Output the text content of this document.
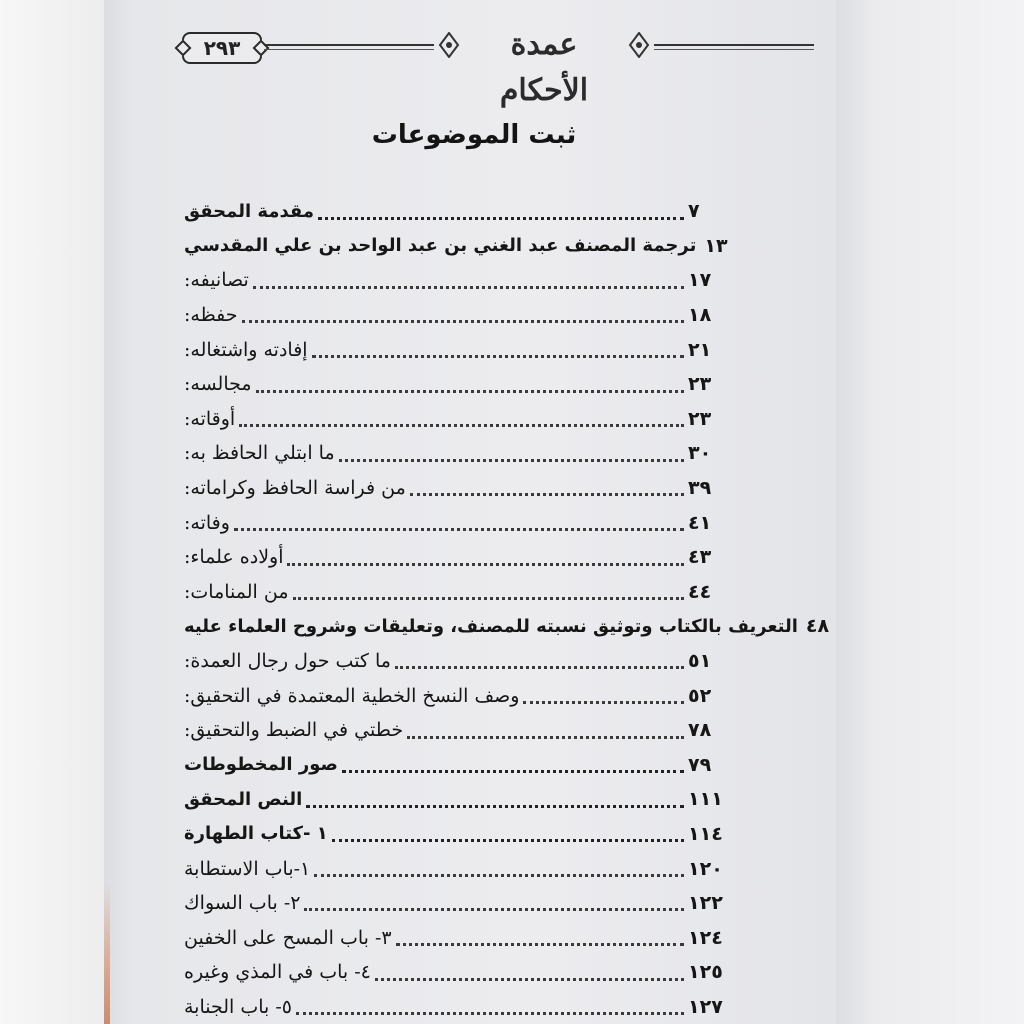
٢٩٣	عمدة الأحكام
ثبت الموضوعات
مقدمة المحقق	٧
ترجمة المصنف عبد الغني بن عبد الواحد بن علي المقدسي ١٣
تصانيفه:	١٧
حفظه:	١٨
إفادته واشتغاله:	٢١
مجالسه:	٢٣
أوقاته:	٢٣
ما ابتلي الحافظ به:	٣٠
من فراسة الحافظ وكراماته:	٣٩
وفاته:	٤١
أولاده علماء:	٤٣
من المنامات:	٤٤
التعريف بالكتاب وتوثيق نسبته للمصنف، وتعليقات وشروح العلماء عليه ٤٨
ما كتب حول رجال العمدة:	٥١
وصف النسخ الخطية المعتمدة في التحقيق:	٥٢
خطتي في الضبط والتحقيق:	٧٨
صور المخطوطات	٧٩
النص المحقق	١١١
١ -كتاب الطهارة	١١٤
١-باب الاستطابة	١٢٠
٢- باب السواك	١٢٢
٣- باب المسح على الخفين	١٢٤
٤- باب في المذي وغيره	١٢٥
٥- باب الجنابة	١٢٧
